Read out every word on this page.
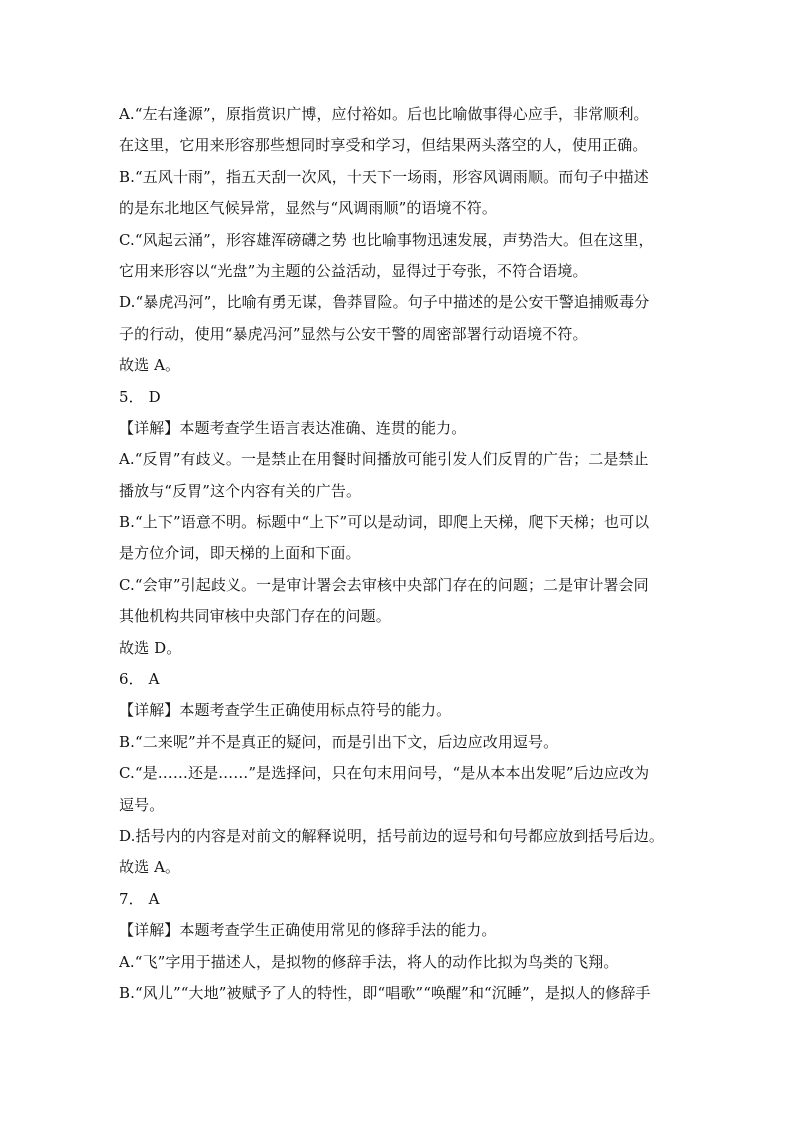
A.“左右逢源”，原指赏识广博，应付裕如。后也比喻做事得心应手，非常顺利。
在这里，它用来形容那些想同时享受和学习，但结果两头落空的人，使用正确。
B.“五风十雨”，指五天刮一次风，十天下一场雨，形容风调雨顺。而句子中描述
的是东北地区气候异常，显然与“风调雨顺”的语境不符。
C.“风起云涌”，形容雄浑磅礴之势 也比喻事物迅速发展，声势浩大。但在这里，
它用来形容以“光盘”为主题的公益活动，显得过于夸张，不符合语境。
D.“暴虎冯河”，比喻有勇无谋，鲁莽冒险。句子中描述的是公安干警追捕贩毒分
子的行动，使用“暴虎冯河”显然与公安干警的周密部署行动语境不符。
故选 A。
5． D
【详解】本题考查学生语言表达准确、连贯的能力。
A.“反胃”有歧义。一是禁止在用餐时间播放可能引发人们反胃的广告；二是禁止
播放与“反胃”这个内容有关的广告。
B.“上下”语意不明。标题中“上下”可以是动词，即爬上天梯，爬下天梯；也可以
是方位介词，即天梯的上面和下面。
C.“会审”引起歧义。一是审计署会去审核中央部门存在的问题；二是审计署会同
其他机构共同审核中央部门存在的问题。
故选 D。
6． A
【详解】本题考查学生正确使用标点符号的能力。
B.“二来呢”并不是真正的疑问，而是引出下文，后边应改用逗号。
C.“是……还是……”是选择问，只在句末用问号，“是从本本出发呢”后边应改为
逗号。
D.括号内的内容是对前文的解释说明，括号前边的逗号和句号都应放到括号后边。
故选 A。
7． A
【详解】本题考查学生正确使用常见的修辞手法的能力。
A.“飞”字用于描述人，是拟物的修辞手法，将人的动作比拟为鸟类的飞翔。
B.“风儿”“大地”被赋予了人的特性，即“唱歌”“唤醒”和“沉睡”，是拟人的修辞手
